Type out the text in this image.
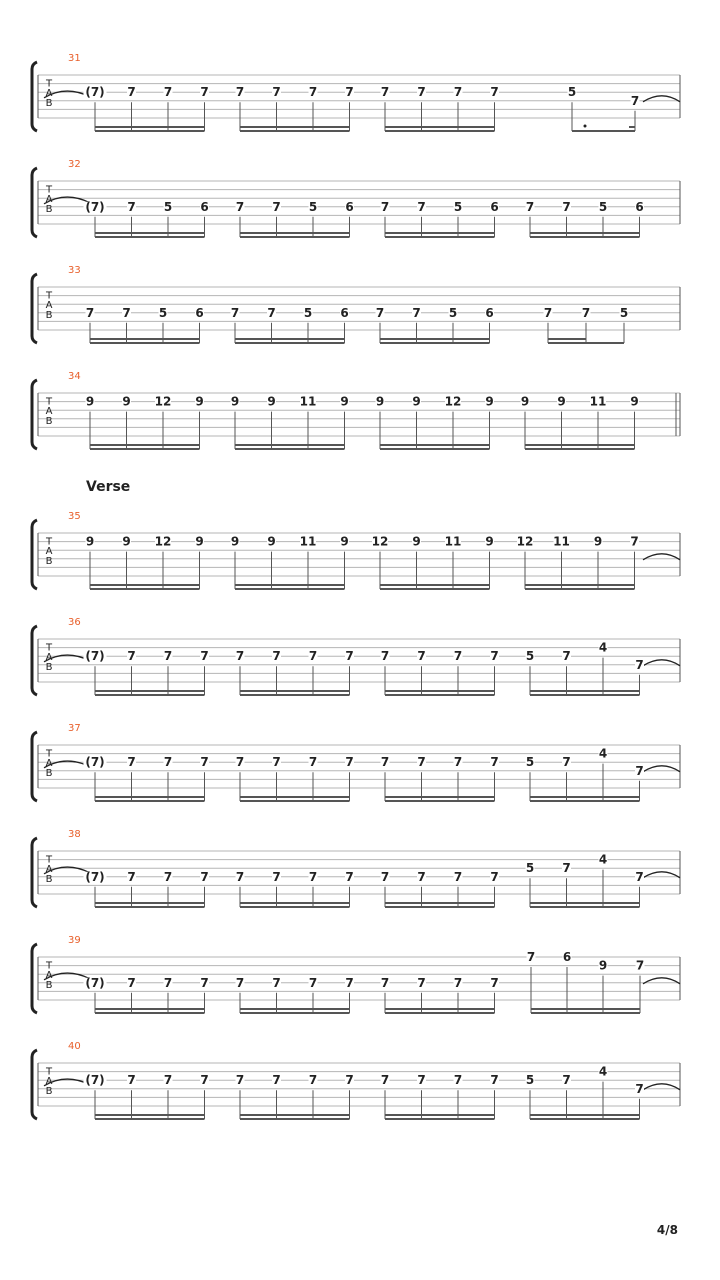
T
A
B
31
(7) 7 7 7 7 7 7 7 7 7 7 7	5
7
T
A
B
32
(7) 7 5 6 7 7 5 6 7 7 5 6 7 7 5 6
T
A
B
33
7 7 5 6 7 7 5 6 7 7 5 6	7 7 5
T
A
B
34
9 9 12 9 9 9 11 9 9 9 12 9 9 9 11 9
T
A
B
35
Verse
9 9 12 9 9 9 11 9 12 9 11 9 12 11 9 7
T
A
B
36
(7) 7 7 7 7 7 7 7 7 7 7 7 5 7
4
7
T
A
B
37
(7) 7 7 7 7 7 7 7 7 7 7 7 5 7
4
7
T
A
B
38
(7) 7 7 7 7 7 7 7 7 7 7 7
5 7
4
7
T
A
B
39
(7) 7 7 7 7 7 7 7 7 7 7 7
7 6
9 7
T
A
B
40
(7) 7 7 7 7 7 7 7 7 7 7 7 5 7
4
7
4/8
